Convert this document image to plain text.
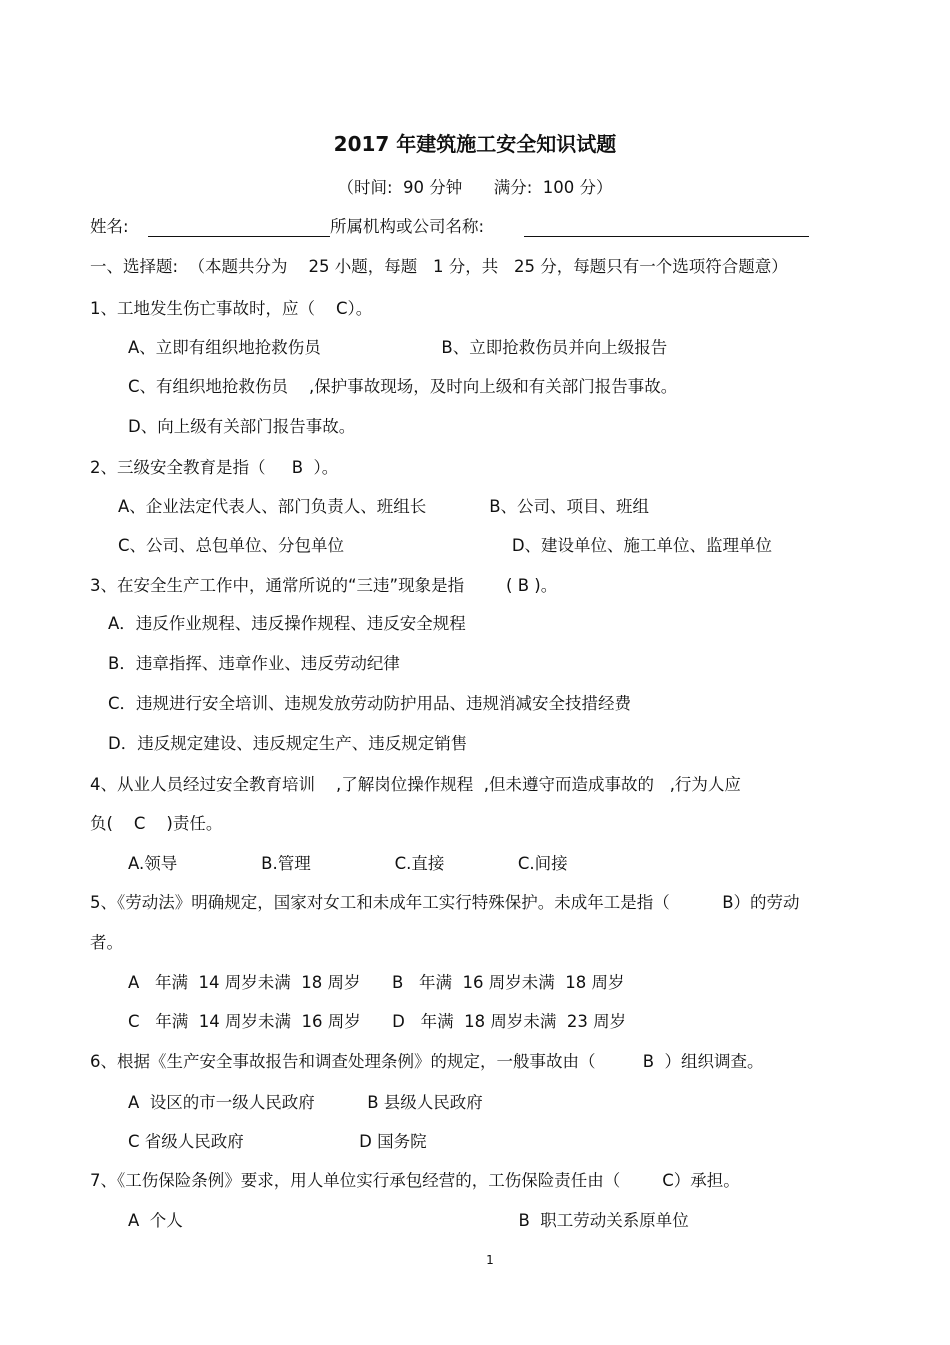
2017 年建筑施工安全知识试题
（时间:  90 分钟      满分:  100 分）
姓名:	所属机构或公司名称:
一、选择题:  （本题共分为    25 小题，每题   1 分，共   25 分，每题只有一个选项符合题意）
1、工地发生伤亡事故时，应（    C）。
A、立即有组织地抢救伤员                       B、立即抢救伤员并向上级报告
C、有组织地抢救伤员    ,保护事故现场，及时向上级和有关部门报告事故。
D、向上级有关部门报告事故。
2、三级安全教育是指（     B  ）。
A、企业法定代表人、部门负责人、班组长            B、公司、项目、班组
C、公司、总包单位、分包单位                                D、建设单位、施工单位、监理单位
3、在安全生产工作中，通常所说的“三违”现象是指        ( B )。
A．违反作业规程、违反操作规程、违反安全规程
B．违章指挥、违章作业、违反劳动纪律
C．违规进行安全培训、违规发放劳动防护用品、违规消减安全技措经费
D．违反规定建设、违反规定生产、违反规定销售
4、从业人员经过安全教育培训    ,了解岗位操作规程  ,但未遵守而造成事故的   ,行为人应
负(    C    )责任。
A.领导                B.管理                C.直接              C.间接
5、《劳动法》明确规定，国家对女工和未成年工实行特殊保护。未成年工是指（          B）的劳动
者。
A   年满  14 周岁未满  18 周岁      B   年满  16 周岁未满  18 周岁
C   年满  14 周岁未满  16 周岁      D   年满  18 周岁未满  23 周岁
6、根据《生产安全事故报告和调查处理条例》的规定，一般事故由（         B  ）组织调查。
A  设区的市一级人民政府          B 县级人民政府
C 省级人民政府                      D 国务院
7、《工伤保险条例》要求，用人单位实行承包经营的，工伤保险责任由（        C）承担。
A  个人                                                                B  职工劳动关系原单位
1
